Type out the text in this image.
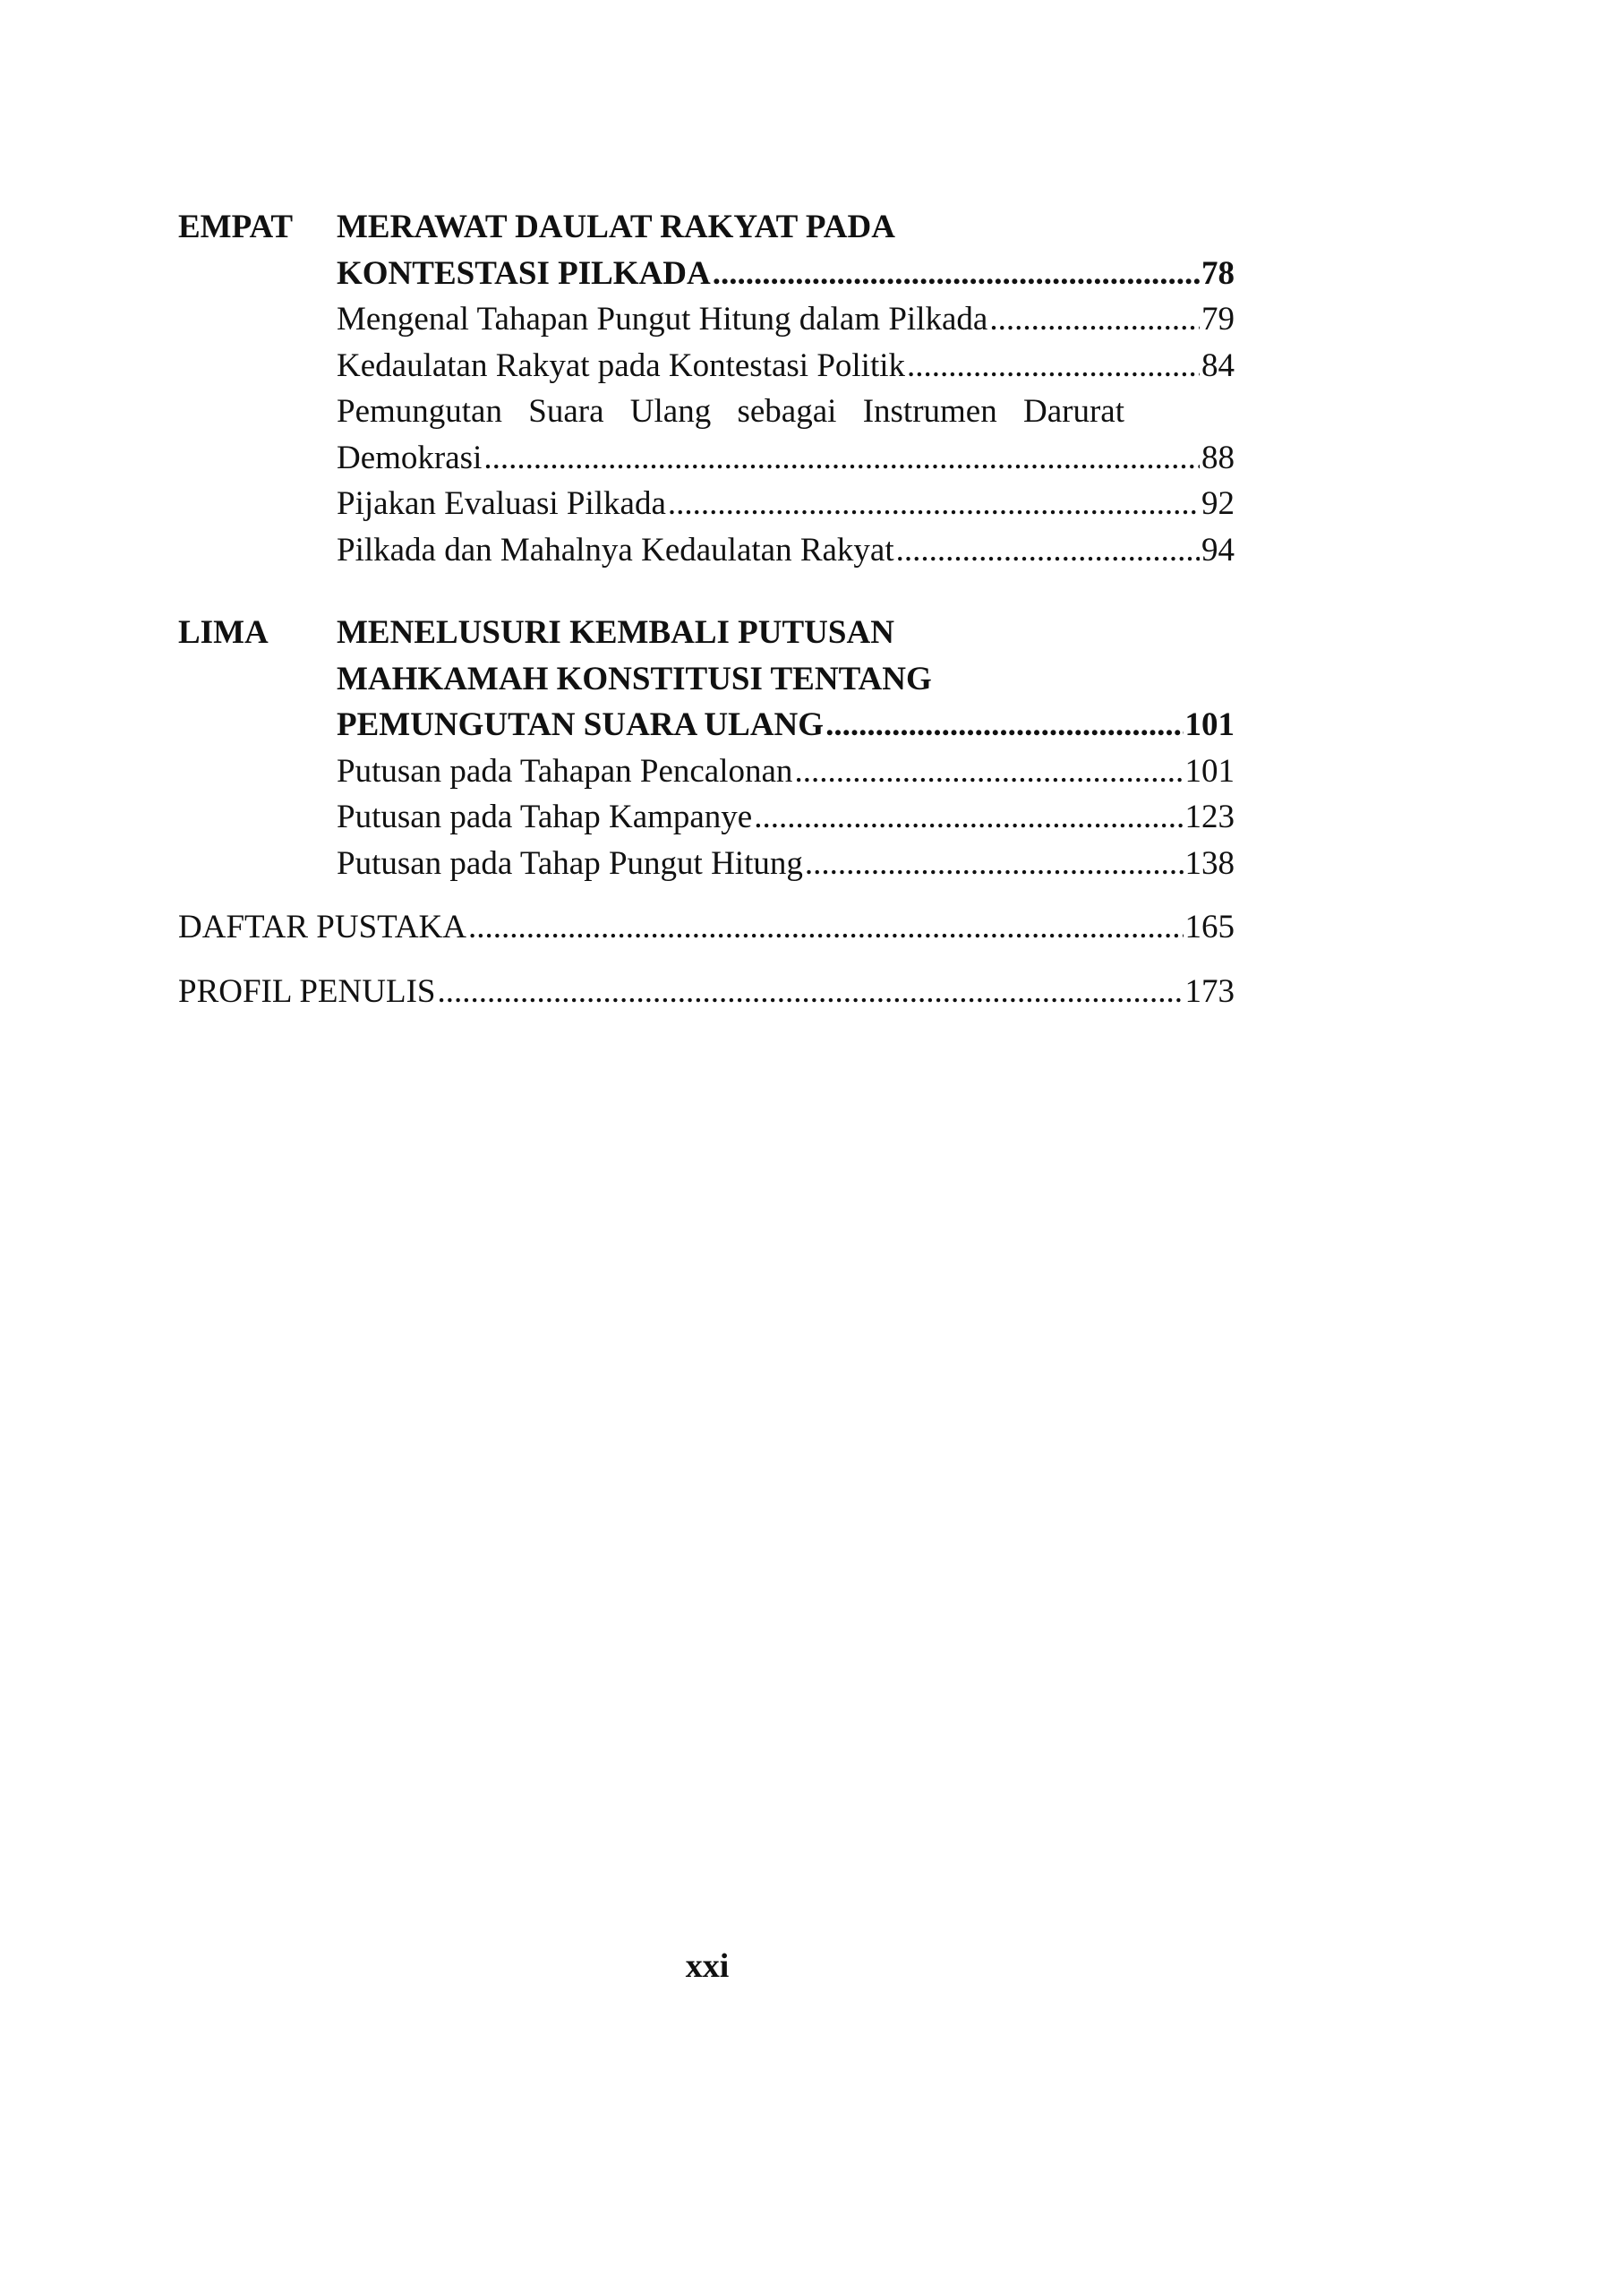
EMPAT MERAWAT DAULAT RAKYAT PADA
KONTESTASI PILKADA .....	78
Mengenal Tahapan Pungut Hitung dalam Pilkada .....	79
Kedaulatan Rakyat pada Kontestasi Politik .....	84
Pemungutan Suara Ulang sebagai Instrumen Darurat
Demokrasi .....	88
Pijakan Evaluasi Pilkada .....	92
Pilkada dan Mahalnya Kedaulatan Rakyat .....	94
LIMA MENELUSURI KEMBALI PUTUSAN
MAHKAMAH KONSTITUSI TENTANG
PEMUNGUTAN SUARA ULANG .....	101
Putusan pada Tahapan Pencalonan .....	101
Putusan pada Tahap Kampanye .....	123
Putusan pada Tahap Pungut Hitung .....	138
DAFTAR PUSTAKA .....	165
PROFIL PENULIS .....	173
xxi
